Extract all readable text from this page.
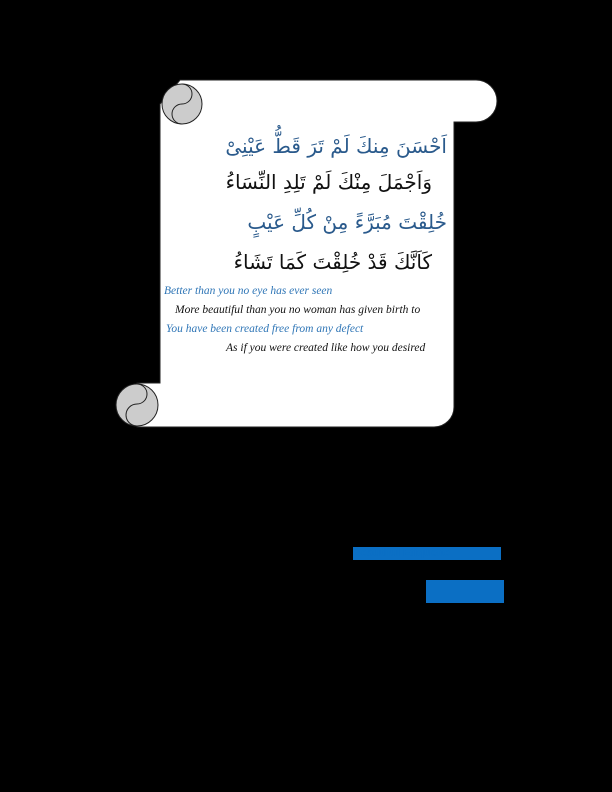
اَحْسَنَ مِنكَ لَمْ تَرَ قَطُّ عَيْنِىْ
وَاَجْمَلَ مِنْكَ لَمْ تَلِدِ النِّسَاءُ
خُلِقْتَ مُبَرَّءً مِنْ كُلِّ عَيْبٍ
كَاَنَّكَ قَدْ خُلِقْتَ كَمَا تَشَاءُ
Better than you no eye has ever seen
More beautiful than you no woman has given birth to
You have been created free from any defect
As if you were created like how you desired
Beautiful Etiquette
